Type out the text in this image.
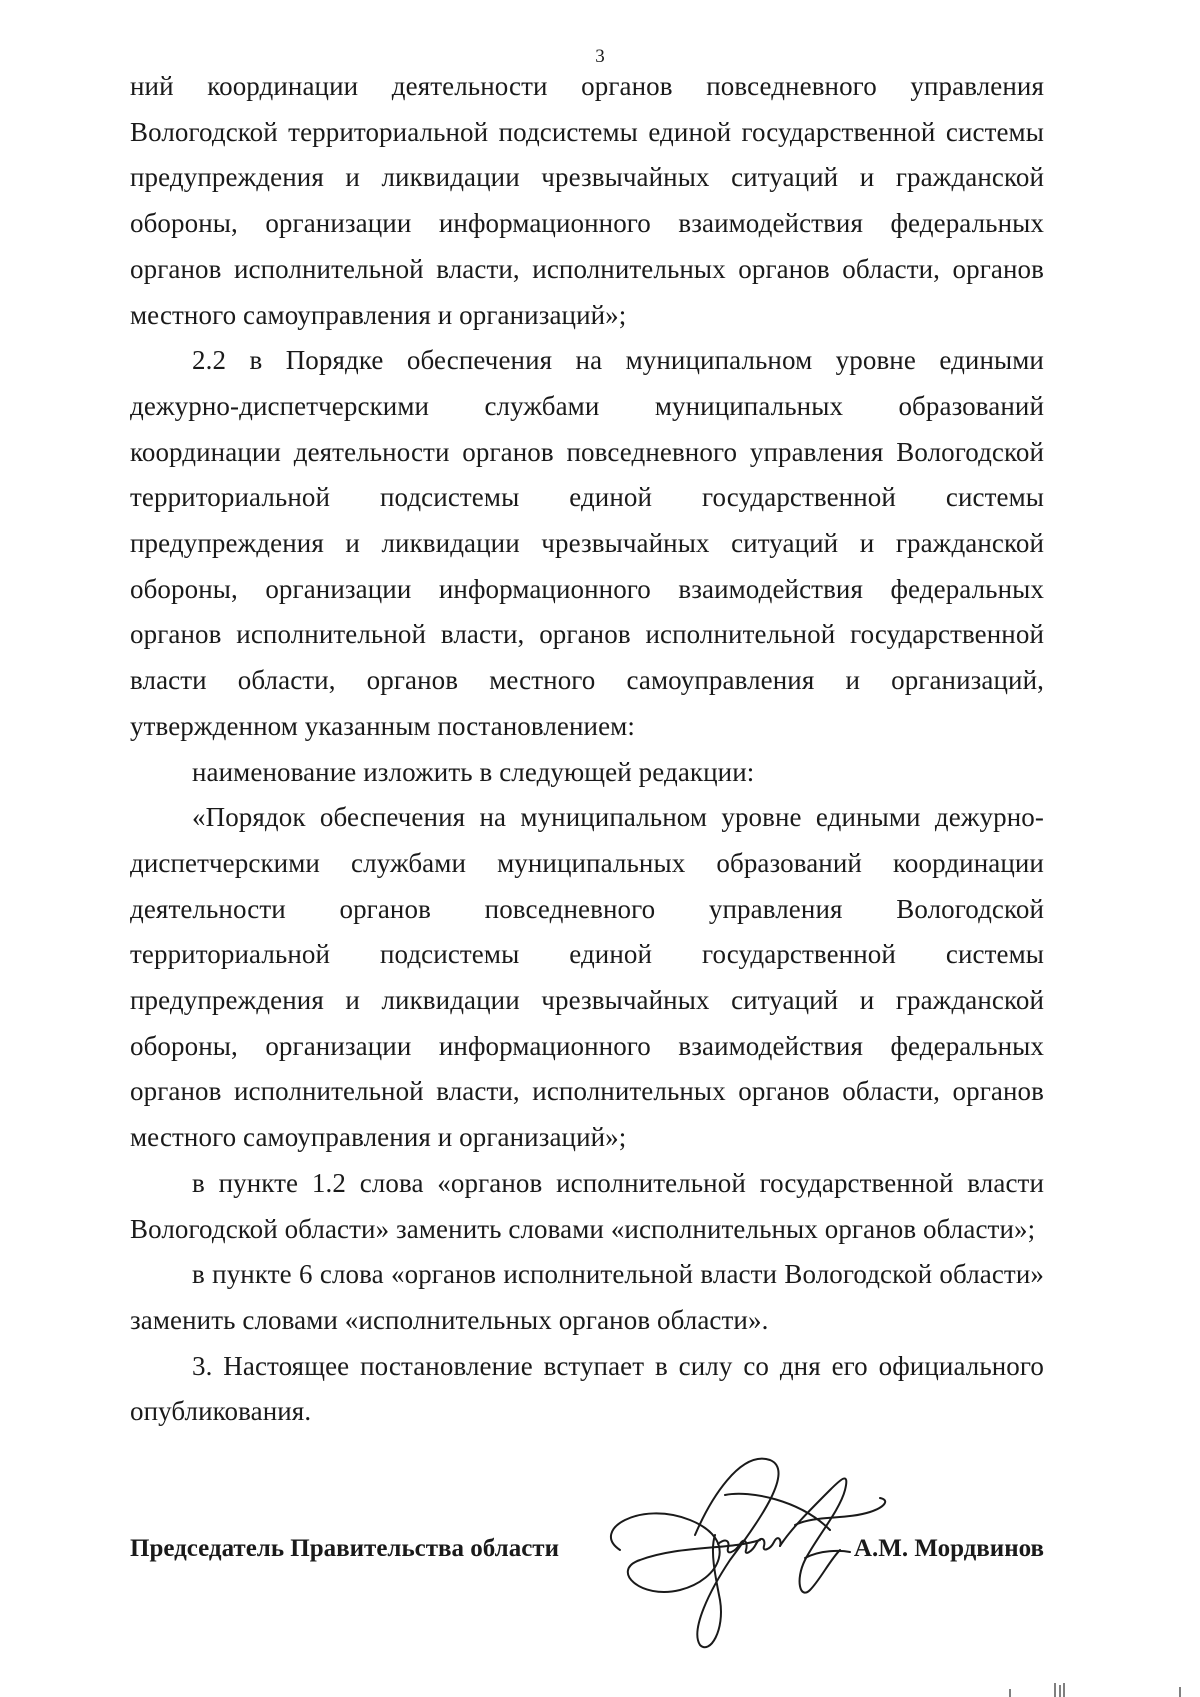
3

ний координации деятельности органов повседневного управления Вологодской территориальной подсистемы единой государственной системы предупреждения и ликвидации чрезвычайных ситуаций и гражданской обороны, организации информационного взаимодействия федеральных органов исполнительной власти, исполнительных органов области, органов местного самоуправления и организаций»;

2.2 в Порядке обеспечения на муниципальном уровне едиными дежурно-диспетчерскими службами муниципальных образований координации деятельности органов повседневного управления Вологодской территориальной подсистемы единой государственной системы предупреждения и ликвидации чрезвычайных ситуаций и гражданской обороны, организации информационного взаимодействия федеральных органов исполнительной власти, органов исполнительной государственной власти области, органов местного самоуправления и организаций, утвержденном указанным постановлением:

наименование изложить в следующей редакции:

«Порядок обеспечения на муниципальном уровне едиными дежурно-диспетчерскими службами муниципальных образований координации деятельности органов повседневного управления Вологодской территориальной подсистемы единой государственной системы предупреждения и ликвидации чрезвычайных ситуаций и гражданской обороны, организации информационного взаимодействия федеральных органов исполнительной власти, исполнительных органов области, органов местного самоуправления и организаций»;

в пункте 1.2 слова «органов исполнительной государственной власти Вологодской области» заменить словами «исполнительных органов области»;

в пункте 6 слова «органов исполнительной власти Вологодской области» заменить словами «исполнительных органов области».

3. Настоящее постановление вступает в силу со дня его официального опубликования.

Председатель Правительства области	А.М. Мордвинов
